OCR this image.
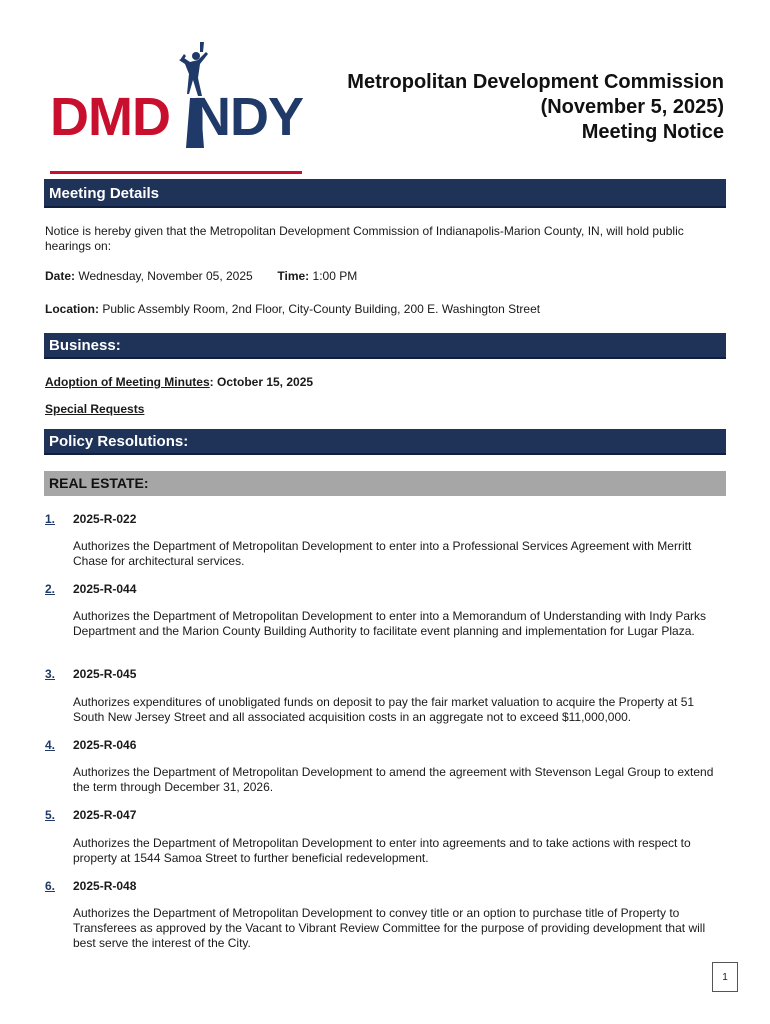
DMD NDY
Metropolitan Development Commission
(November 5, 2025)
Meeting Notice
Meeting Details
Notice is hereby given that the Metropolitan Development Commission of Indianapolis-Marion County, IN, will hold public hearings on:
Date: Wednesday, November 05, 2025 Time: 1:00 PM
Location: Public Assembly Room, 2nd Floor, City-County Building, 200 E. Washington Street
Business:
Adoption of Meeting Minutes: October 15, 2025
Special Requests
Policy Resolutions:
REAL ESTATE:
1. 2025-R-022
Authorizes the Department of Metropolitan Development to enter into a Professional Services Agreement with Merritt Chase for architectural services.
2. 2025-R-044
Authorizes the Department of Metropolitan Development to enter into a Memorandum of Understanding with Indy Parks Department and the Marion County Building Authority to facilitate event planning and implementation for Lugar Plaza.
3. 2025-R-045
Authorizes expenditures of unobligated funds on deposit to pay the fair market valuation to acquire the Property at 51 South New Jersey Street and all associated acquisition costs in an aggregate not to exceed $11,000,000.
4. 2025-R-046
Authorizes the Department of Metropolitan Development to amend the agreement with Stevenson Legal Group to extend the term through December 31, 2026.
5. 2025-R-047
Authorizes the Department of Metropolitan Development to enter into agreements and to take actions with respect to property at 1544 Samoa Street to further beneficial redevelopment.
6. 2025-R-048
Authorizes the Department of Metropolitan Development to convey title or an option to purchase title of Property to Transferees as approved by the Vacant to Vibrant Review Committee for the purpose of providing development that will best serve the interest of the City.
1
